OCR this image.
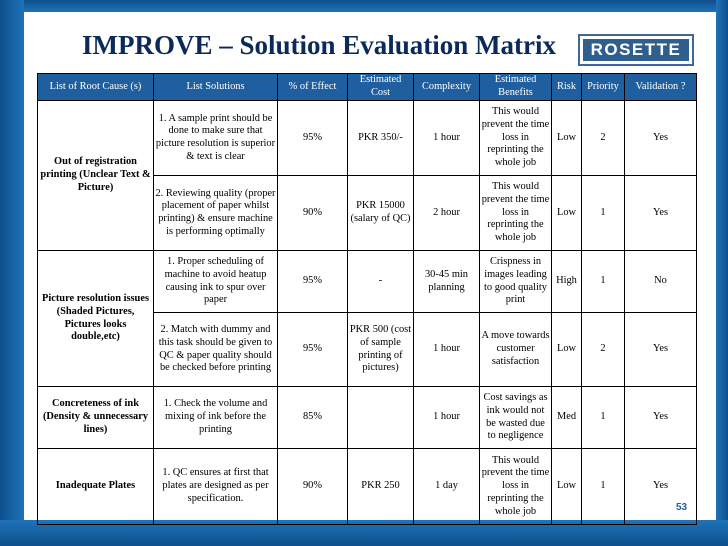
IMPROVE – Solution Evaluation Matrix	ROSETTE
List of Root Cause (s)	List Solutions	% of Effect	Estimated Cost	Complexity	Estimated Benefits	Risk	Priority	Validation ?
Out of registration printing (Unclear Text & Picture)	1. A sample print should be done to make sure that picture resolution is superior & text is clear	95%	PKR 350/-	1 hour	This would prevent the time loss in reprinting the whole job	Low	2	Yes
	2. Reviewing quality (proper placement of paper whilst printing) & ensure machine is performing optimally	90%	PKR 15000 (salary of QC)	2 hour	This would prevent the time loss in reprinting the whole job	Low	1	Yes
Picture resolution issues (Shaded Pictures, Pictures looks double,etc)	1. Proper scheduling of machine to avoid heatup causing ink to spur over paper	95%	-	30-45 min planning	Crispness in images leading to good quality print	High	1	No
	2. Match with dummy and this task should be given to QC & paper quality should be checked before printing	95%	PKR 500 (cost of sample printing of pictures)	1 hour	A move towards customer satisfaction	Low	2	Yes
Concreteness of ink (Density & unnecessary lines)	1. Check the volume and mixing of ink before the printing	85%		1 hour	Cost savings as ink would not be wasted due to negligence	Med	1	Yes
Inadequate Plates	1. QC ensures at first that plates are designed as per specification.	90%	PKR 250	1 day	This would prevent the time loss in reprinting the whole job	Low	1	Yes
53
